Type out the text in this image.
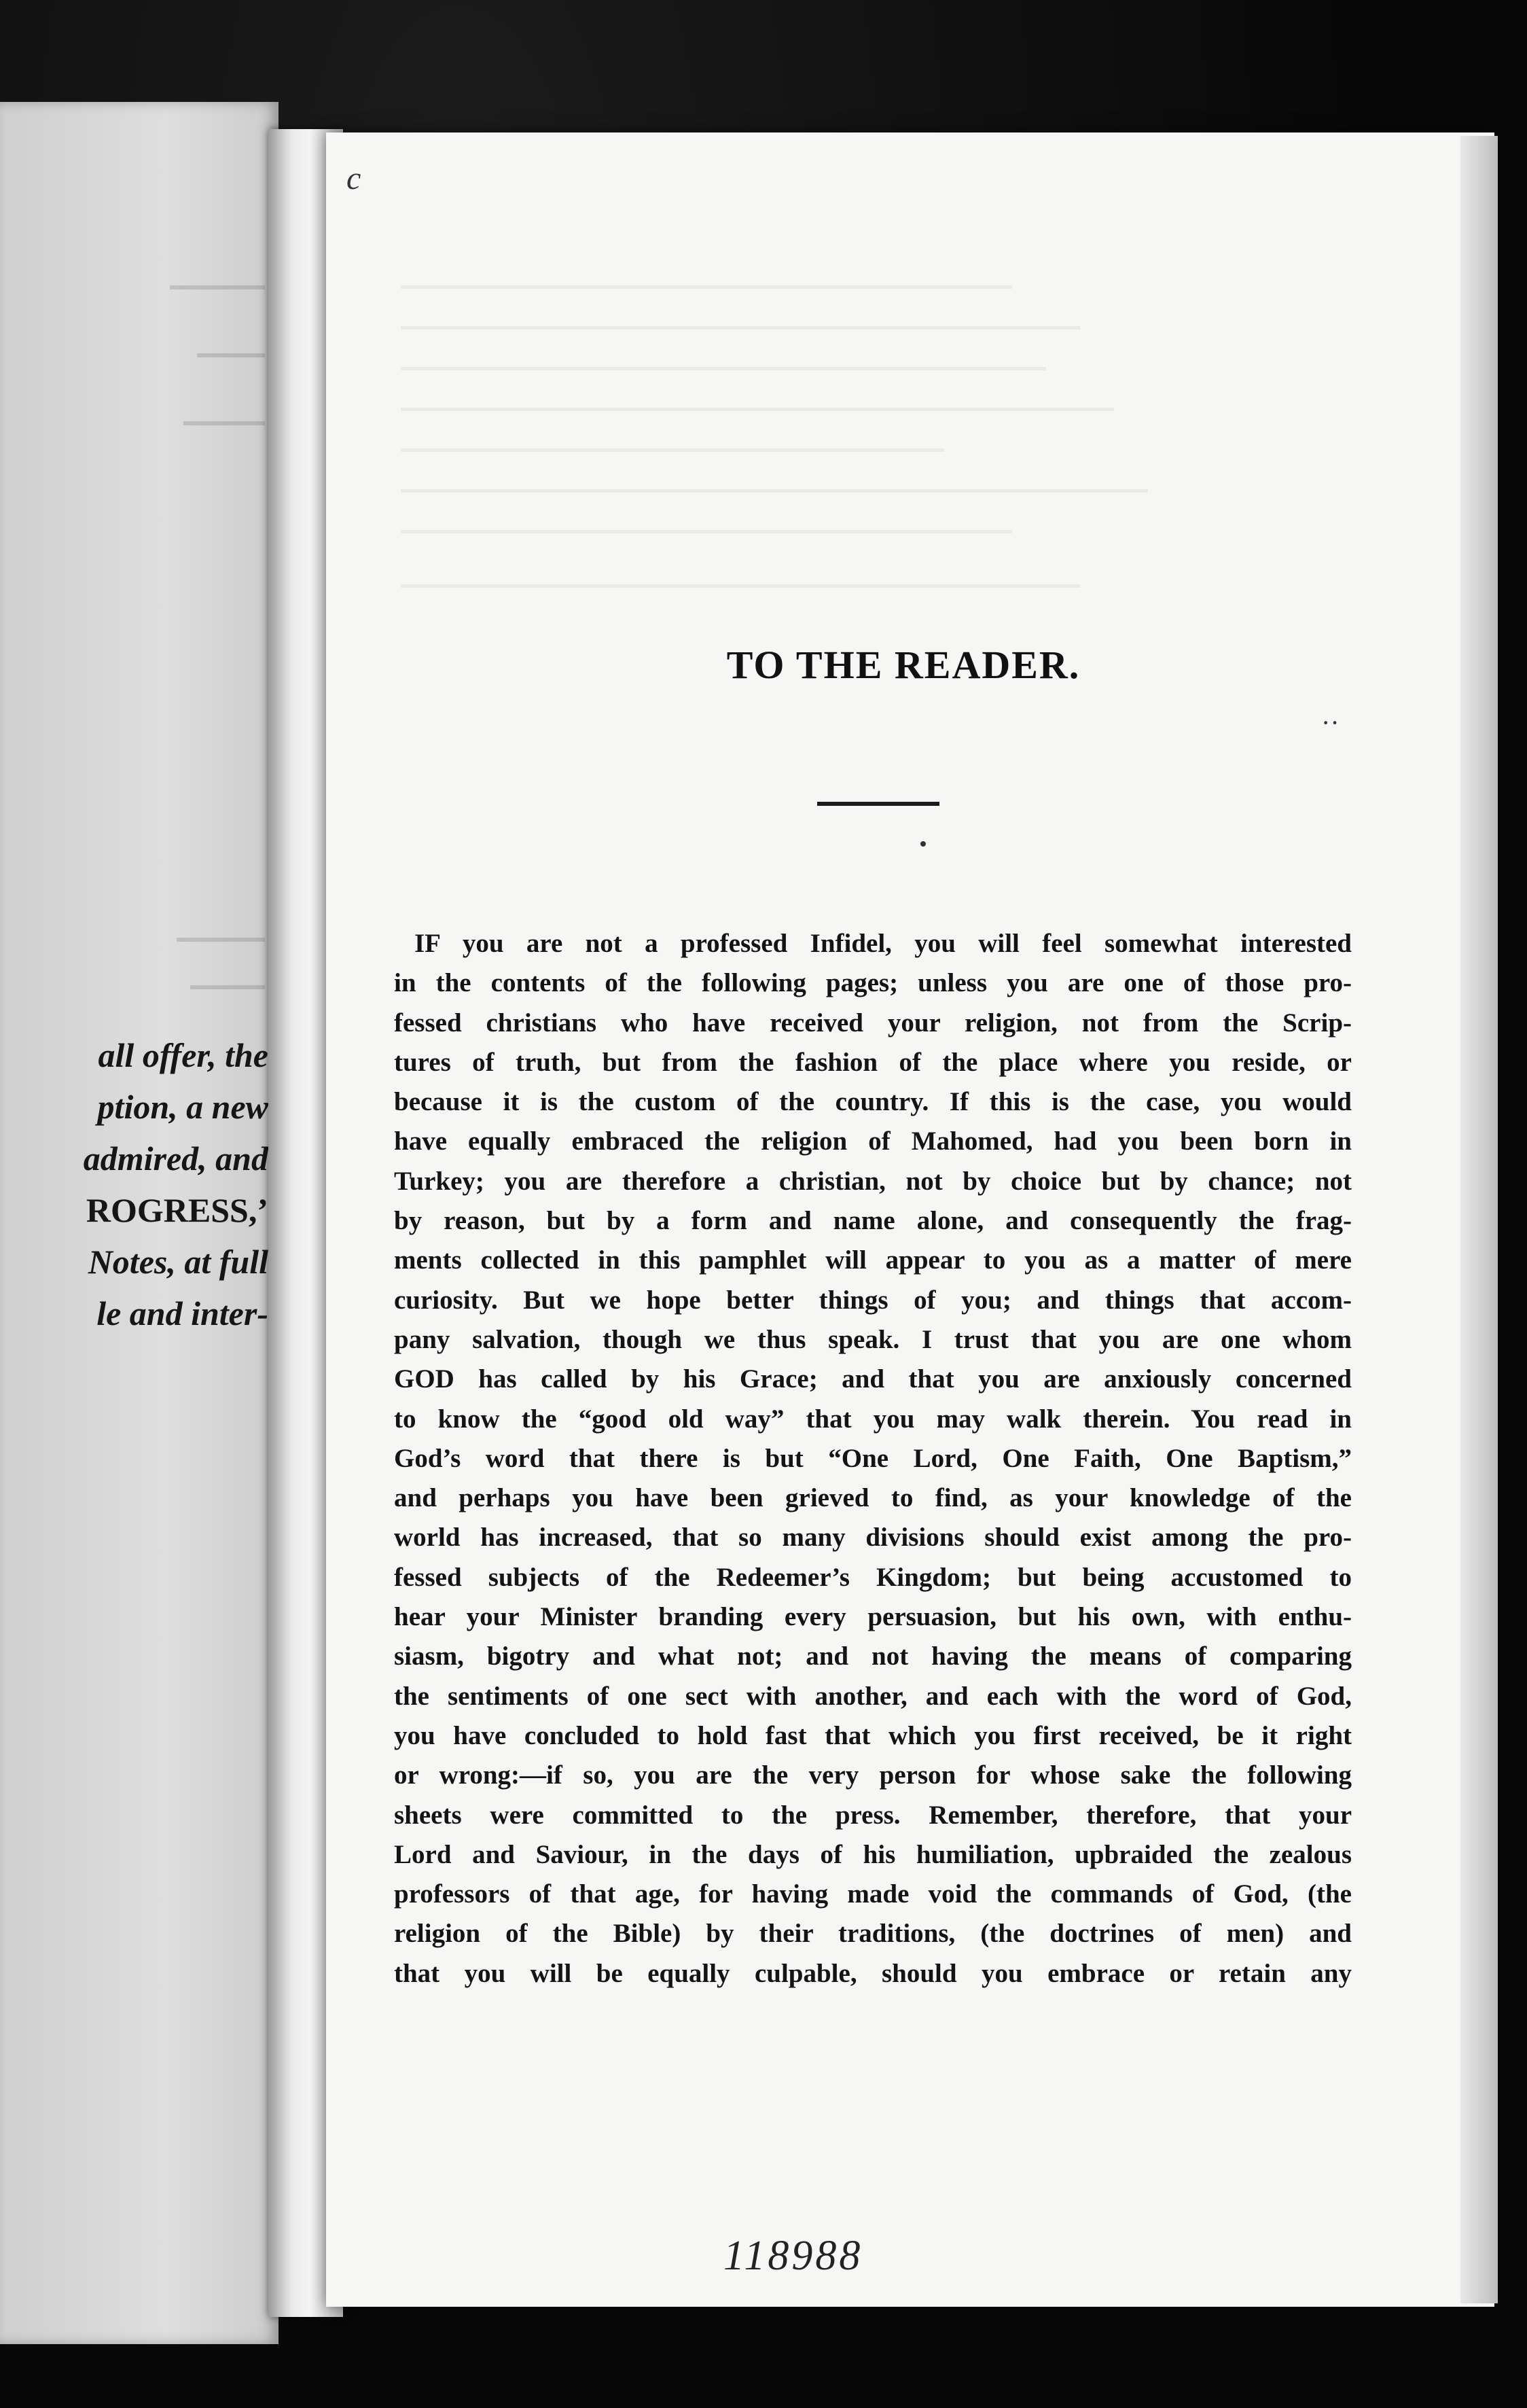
all offer, the
ption, a new
admired, and
ROGRESS,’
Notes, at full
le and inter-
c
TO THE READER.
··
IF you are not a professed Infidel, you will feel somewhat interested
in the contents of the following pages; unless you are one of those pro-
fessed christians who have received your religion, not from the Scrip-
tures of truth, but from the fashion of the place where you reside, or
because it is the custom of the country. If this is the case, you would
have equally embraced the religion of Mahomed, had you been born in
Turkey; you are therefore a christian, not by choice but by chance; not
by reason, but by a form and name alone, and consequently the frag-
ments collected in this pamphlet will appear to you as a matter of mere
curiosity. But we hope better things of you; and things that accom-
pany salvation, though we thus speak. I trust that you are one whom
GOD has called by his Grace; and that you are anxiously concerned
to know the “good old way” that you may walk therein. You read in
God’s word that there is but “One Lord, One Faith, One Baptism,”
and perhaps you have been grieved to find, as your knowledge of the
world has increased, that so many divisions should exist among the pro-
fessed subjects of the Redeemer’s Kingdom; but being accustomed to
hear your Minister branding every persuasion, but his own, with enthu-
siasm, bigotry and what not; and not having the means of comparing
the sentiments of one sect with another, and each with the word of God,
you have concluded to hold fast that which you first received, be it right
or wrong:—if so, you are the very person for whose sake the following
sheets were committed to the press. Remember, therefore, that your
Lord and Saviour, in the days of his humiliation, upbraided the zealous
professors of that age, for having made void the commands of God, (the
religion of the Bible) by their traditions, (the doctrines of men) and
that you will be equally culpable, should you embrace or retain any
118988
